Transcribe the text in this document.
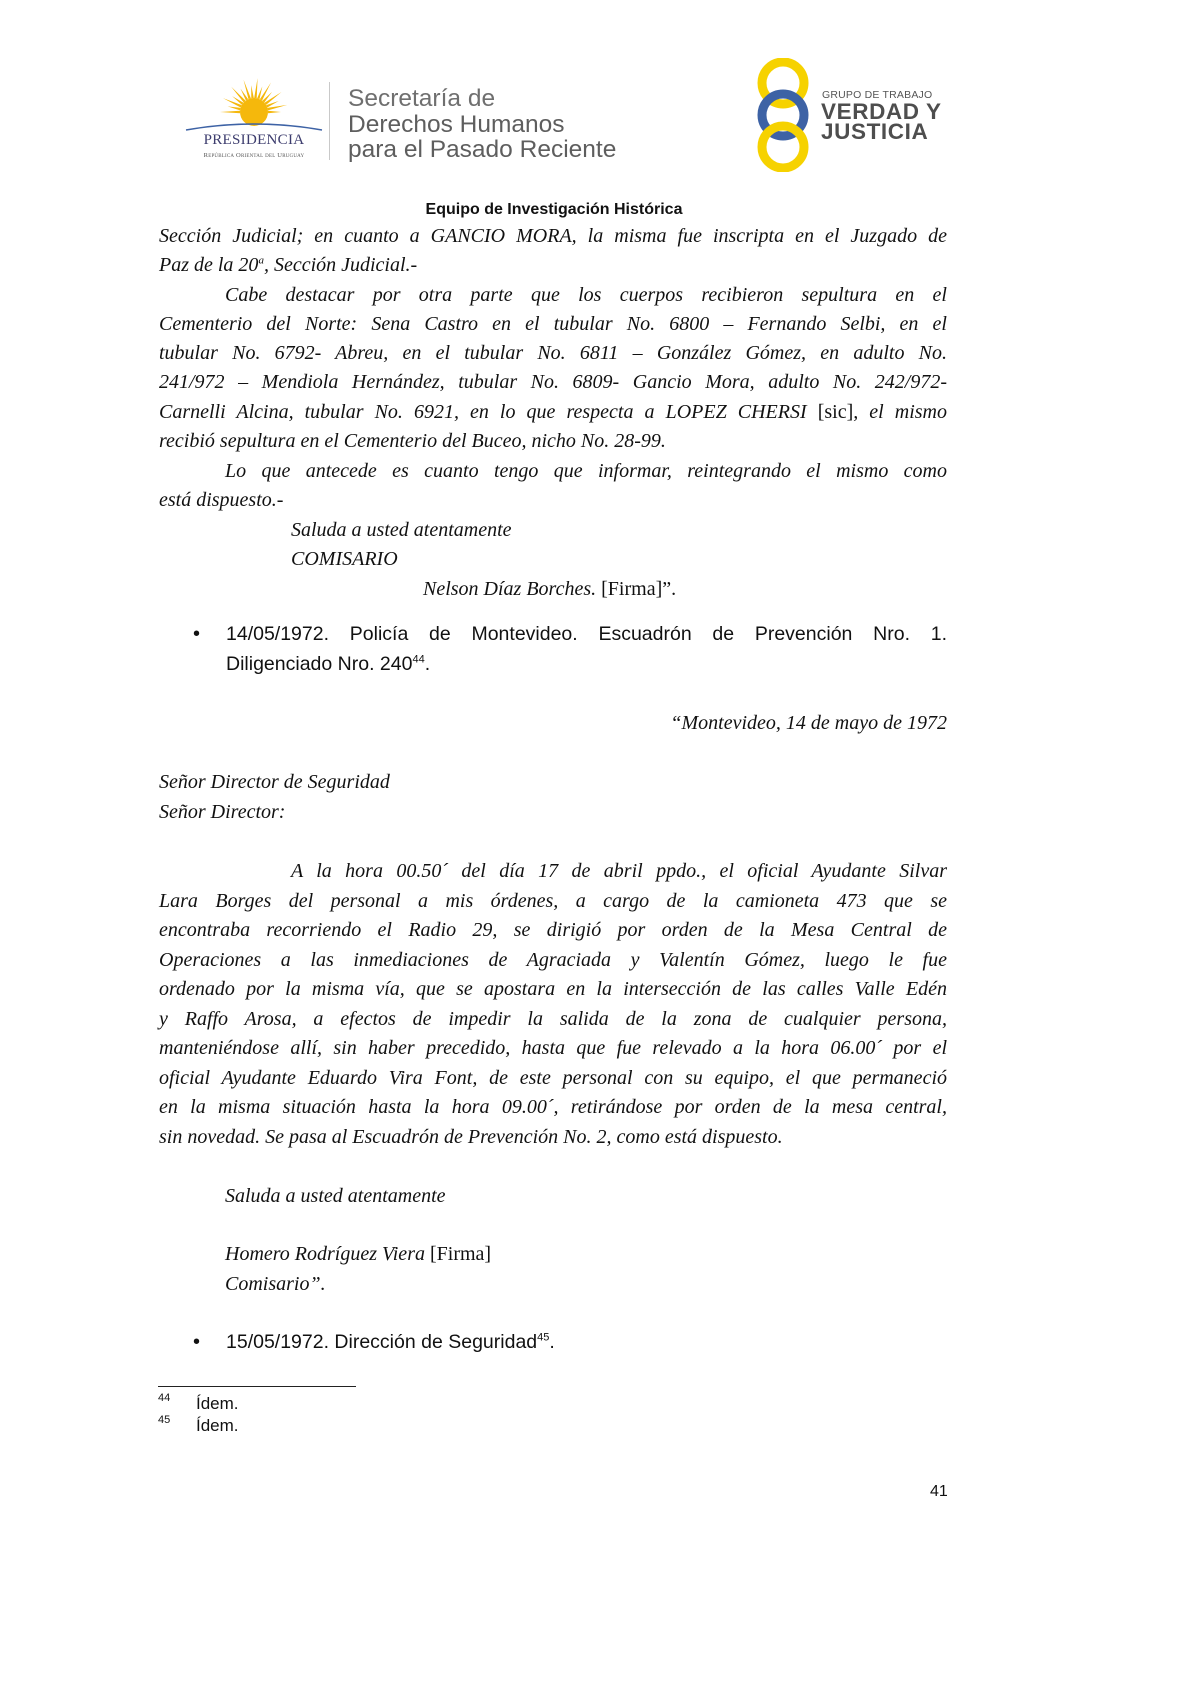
PRESIDENCIA
República Oriental del Uruguay
Secretaría de
Derechos Humanos
para el Pasado Reciente
GRUPO DE TRABAJO
VERDAD Y
JUSTICIA
Equipo de Investigación Histórica
Sección Judicial; en cuanto a GANCIO MORA, la misma fue inscripta en el Juzgado de
Paz de la 20$^a$, Sección Judicial.-
Cabe destacar por otra parte que los cuerpos recibieron sepultura en el
Cementerio del Norte: Sena Castro en el tubular No. 6800 – Fernando Selbi, en el
tubular No. 6792- Abreu, en el tubular No. 6811 – González Gómez, en adulto No.
241/972 – Mendiola Hernández, tubular No. 6809- Gancio Mora, adulto No. 242/972-
Carnelli Alcina, tubular No. 6921, en lo que respecta a LOPEZ CHERSI [sic], el mismo
recibió sepultura en el Cementerio del Buceo, nicho No. 28-99.
Lo que antecede es cuanto tengo que informar, reintegrando el mismo como
está dispuesto.-
Saluda a usted atentamente
COMISARIO
Nelson Díaz Borches. [Firma]”.
• 14/05/1972. Policía de Montevideo. Escuadrón de Prevención Nro. 1.
Diligenciado Nro. $240^{44}$.
“Montevideo, 14 de mayo de 1972
Señor Director de Seguridad
Señor Director:
A la hora 00.50´ del día 17 de abril ppdo., el oficial Ayudante Silvar
Lara Borges del personal a mis órdenes, a cargo de la camioneta 473 que se
encontraba recorriendo el Radio 29, se dirigió por orden de la Mesa Central de
Operaciones a las inmediaciones de Agraciada y Valentín Gómez, luego le fue
ordenado por la misma vía, que se apostara en la intersección de las calles Valle Edén
y Raffo Arosa, a efectos de impedir la salida de la zona de cualquier persona,
manteniéndose allí, sin haber precedido, hasta que fue relevado a la hora 06.00´ por el
oficial Ayudante Eduardo Vira Font, de este personal con su equipo, el que permaneció
en la misma situación hasta la hora 09.00´, retirándose por orden de la mesa central,
sin novedad. Se pasa al Escuadrón de Prevención No. 2, como está dispuesto.
Saluda a usted atentamente
Homero Rodríguez Viera [Firma]
Comisario”.
• 15/05/1972. Dirección de Seguridad$^{45}$.
44 Ídem.
45 Ídem.
41
